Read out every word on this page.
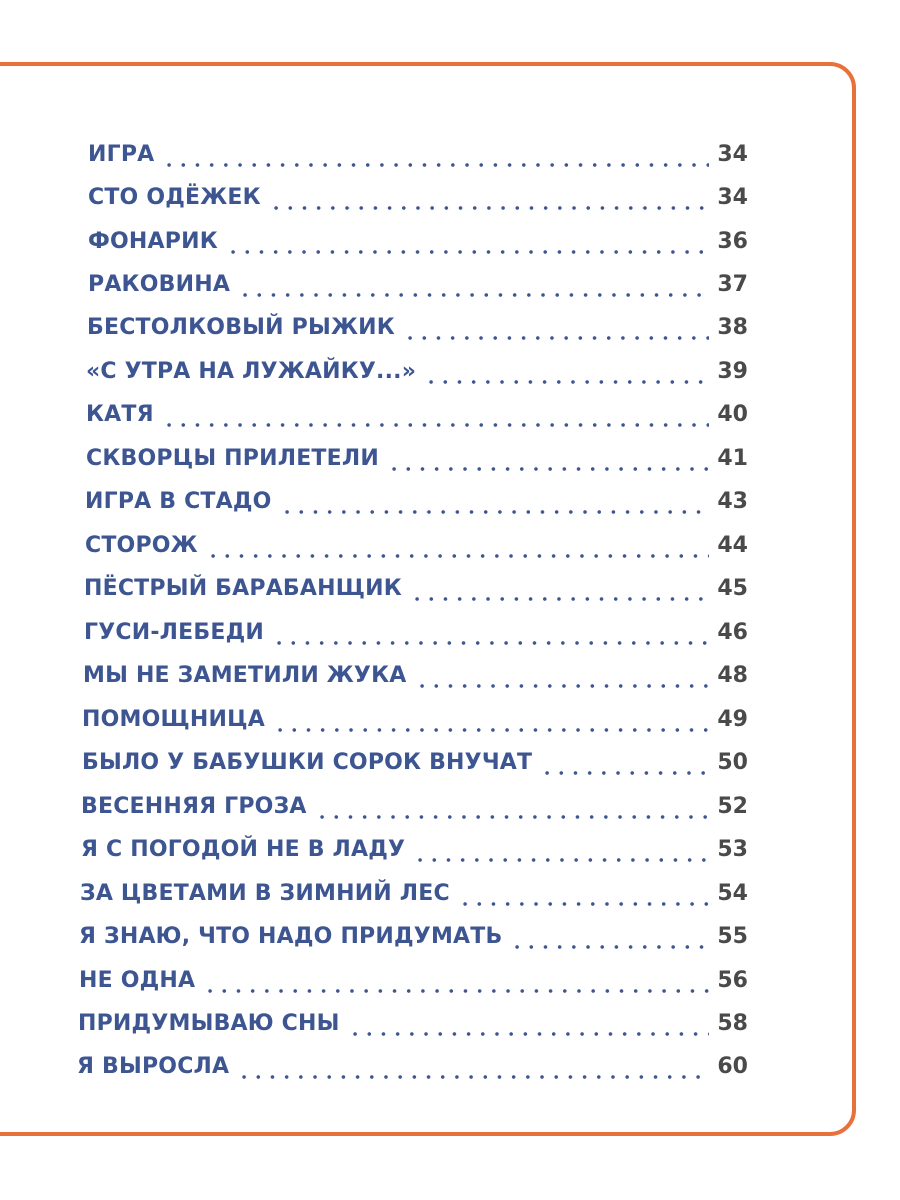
ИГРА	34
СТО ОДЁЖЕК	34
ФОНАРИК	36
РАКОВИНА	37
БЕСТОЛКОВЫЙ РЫЖИК	38
«С УТРА НА ЛУЖАЙКУ...»	39
КАТЯ	40
СКВОРЦЫ ПРИЛЕТЕЛИ	41
ИГРА В СТАДО	43
СТОРОЖ	44
ПЁСТРЫЙ БАРАБАНЩИК	45
ГУСИ-ЛЕБЕДИ	46
МЫ НЕ ЗАМЕТИЛИ ЖУКА	48
ПОМОЩНИЦА	49
БЫЛО У БАБУШКИ СОРОК ВНУЧАТ	50
ВЕСЕННЯЯ ГРОЗА	52
Я С ПОГОДОЙ НЕ В ЛАДУ	53
ЗА ЦВЕТАМИ В ЗИМНИЙ ЛЕС	54
Я ЗНАЮ, ЧТО НАДО ПРИДУМАТЬ	55
НЕ ОДНА	56
ПРИДУМЫВАЮ СНЫ	58
Я ВЫРОСЛА	60
